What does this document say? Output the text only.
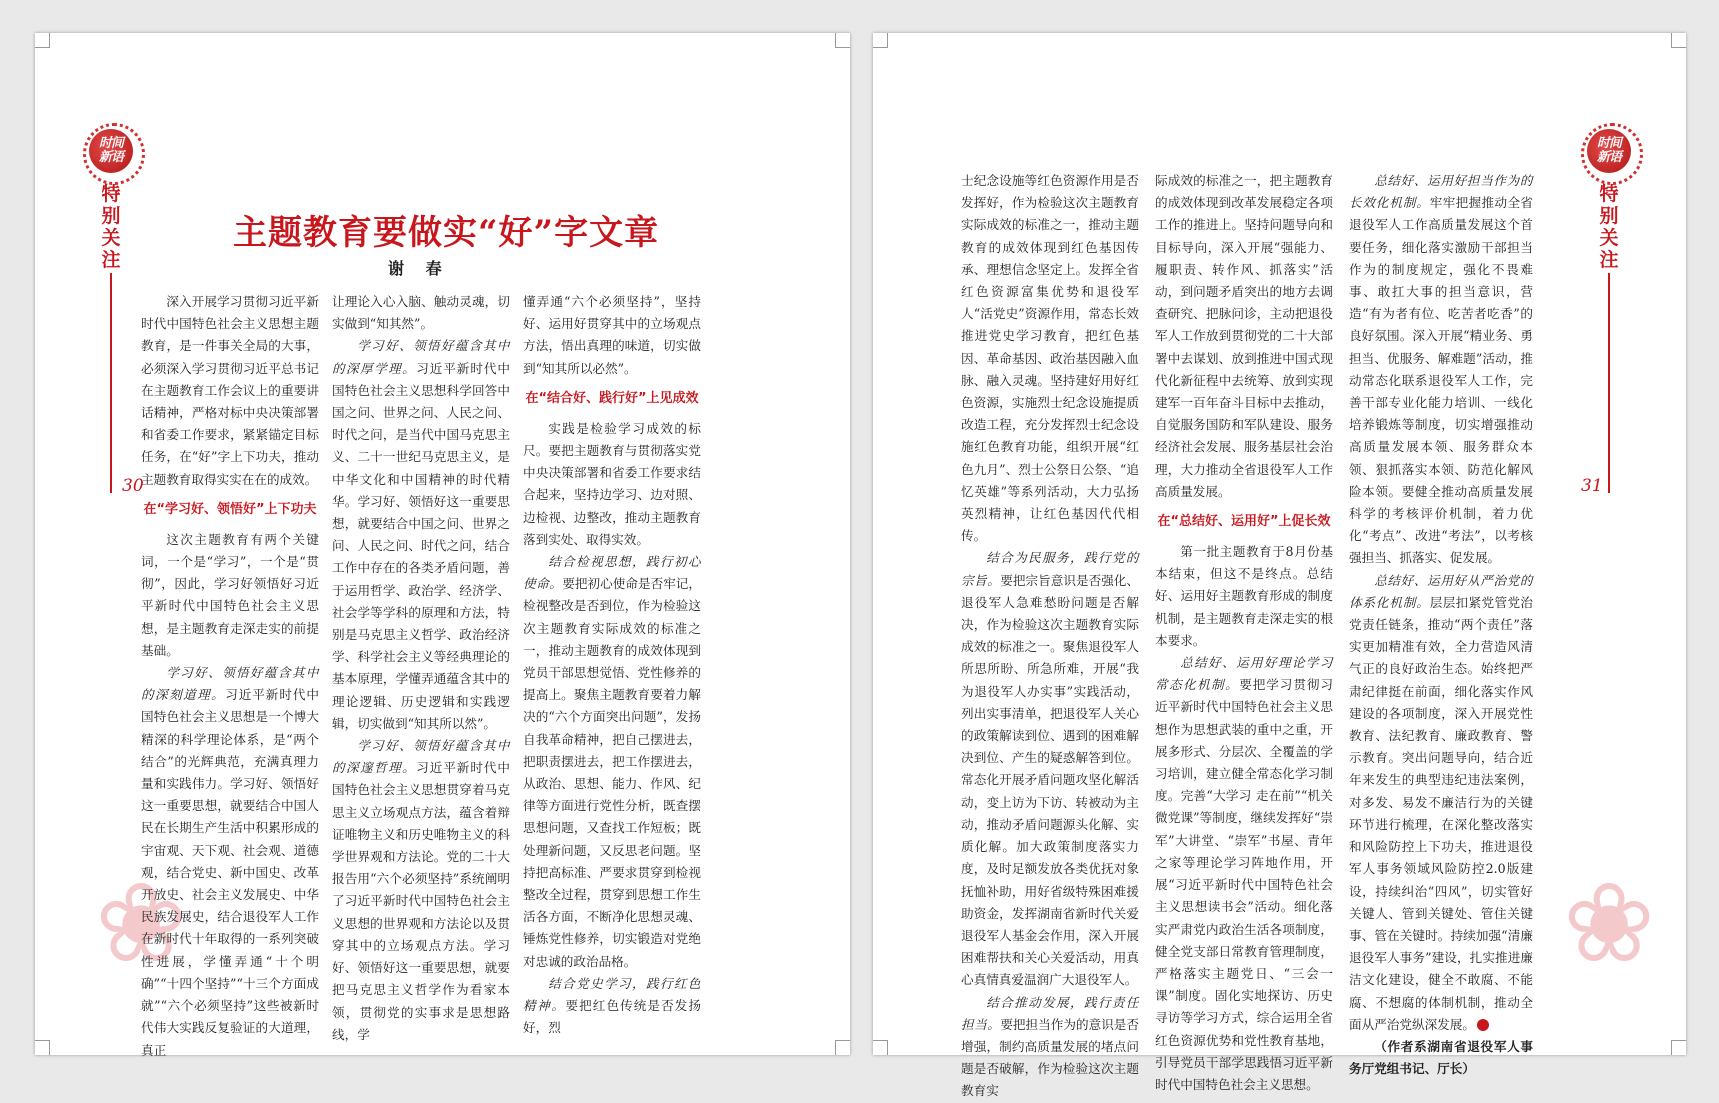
时间
新语
特别关注
30
❀
主题教育要做实“好”字文章
谢 春

深入开展学习贯彻习近平新时代中国特色社会主义思想主题教育，是一件事关全局的大事，必须深入学习贯彻习近平总书记在主题教育工作会议上的重要讲话精神，严格对标中央决策部署和省委工作要求，紧紧锚定目标任务，在“好”字上下功夫，推动主题教育取得实实在在的成效。

在“学习好、领悟好”上下功夫

这次主题教育有两个关键词，一个是“学习”，一个是“贯彻”，因此，学习好领悟好习近平新时代中国特色社会主义思想，是主题教育走深走实的前提基础。

学习好、领悟好蕴含其中的深刻道理。习近平新时代中国特色社会主义思想是一个博大精深的科学理论体系，是“两个结合”的光辉典范，充满真理力量和实践伟力。学习好、领悟好这一重要思想，就要结合中国人民在长期生产生活中积累形成的宇宙观、天下观、社会观、道德观，结合党史、新中国史、改革开放史、社会主义发展史、中华民族发展史，结合退役军人工作在新时代十年取得的一系列突破性进展，学懂弄通“十个明确”“十四个坚持”“十三个方面成就”“六个必须坚持”这些被新时代伟大实践反复验证的大道理，真正

让理论入心入脑、触动灵魂，切实做到“知其然”。

学习好、领悟好蕴含其中的深厚学理。习近平新时代中国特色社会主义思想科学回答中国之问、世界之问、人民之问、时代之问，是当代中国马克思主义、二十一世纪马克思主义，是中华文化和中国精神的时代精华。学习好、领悟好这一重要思想，就要结合中国之问、世界之问、人民之问、时代之问，结合工作中存在的各类矛盾问题，善于运用哲学、政治学、经济学、社会学等学科的原理和方法，特别是马克思主义哲学、政治经济学、科学社会主义等经典理论的基本原理，学懂弄通蕴含其中的理论逻辑、历史逻辑和实践逻辑，切实做到“知其所以然”。

学习好、领悟好蕴含其中的深邃哲理。习近平新时代中国特色社会主义思想贯穿着马克思主义立场观点方法，蕴含着辩证唯物主义和历史唯物主义的科学世界观和方法论。党的二十大报告用“六个必须坚持”系统阐明了习近平新时代中国特色社会主义思想的世界观和方法论以及贯穿其中的立场观点方法。学习好、领悟好这一重要思想，就要把马克思主义哲学作为看家本领，贯彻党的实事求是思想路线，学

懂弄通“六个必须坚持”，坚持好、运用好贯穿其中的立场观点方法，悟出真理的味道，切实做到“知其所以必然”。

在“结合好、践行好”上见成效

实践是检验学习成效的标尺。要把主题教育与贯彻落实党中央决策部署和省委工作要求结合起来，坚持边学习、边对照、边检视、边整改，推动主题教育落到实处、取得实效。

结合检视思想，践行初心使命。要把初心使命是否牢记，检视整改是否到位，作为检验这次主题教育实际成效的标准之一，推动主题教育的成效体现到党员干部思想觉悟、党性修养的提高上。聚焦主题教育要着力解决的“六个方面突出问题”，发扬自我革命精神，把自己摆进去，把职责摆进去，把工作摆进去，从政治、思想、能力、作风、纪律等方面进行党性分析，既查摆思想问题，又查找工作短板；既处理新问题，又反思老问题。坚持把高标准、严要求贯穿到检视整改全过程，贯穿到思想工作生活各方面，不断净化思想灵魂、锤炼党性修养，切实锻造对党绝对忠诚的政治品格。

结合党史学习，践行红色精神。要把红色传统是否发扬好，烈

时间
新语
特别关注
31
❀

士纪念设施等红色资源作用是否发挥好，作为检验这次主题教育实际成效的标准之一，推动主题教育的成效体现到红色基因传承、理想信念坚定上。发挥全省红色资源富集优势和退役军人“活党史”资源作用，常态长效推进党史学习教育，把红色基因、革命基因、政治基因融入血脉、融入灵魂。坚持建好用好红色资源，实施烈士纪念设施提质改造工程，充分发挥烈士纪念设施红色教育功能，组织开展“红色九月”、烈士公祭日公祭、“追忆英雄”等系列活动，大力弘扬英烈精神，让红色基因代代相传。

结合为民服务，践行党的宗旨。要把宗旨意识是否强化、退役军人急难愁盼问题是否解决，作为检验这次主题教育实际成效的标准之一。聚焦退役军人所思所盼、所急所难，开展“我为退役军人办实事”实践活动，列出实事清单，把退役军人关心的政策解读到位、遇到的困难解决到位、产生的疑惑解答到位。常态化开展矛盾问题攻坚化解活动，变上访为下访、转被动为主动，推动矛盾问题源头化解、实质化解。加大政策制度落实力度，及时足额发放各类优抚对象抚恤补助，用好省级特殊困难援助资金，发挥湖南省新时代关爱退役军人基金会作用，深入开展困难帮扶和关心关爱活动，用真心真情真爱温润广大退役军人。

结合推动发展，践行责任担当。要把担当作为的意识是否增强，制约高质量发展的堵点问题是否破解，作为检验这次主题教育实

际成效的标准之一，把主题教育的成效体现到改革发展稳定各项工作的推进上。坚持问题导向和目标导向，深入开展“强能力、履职责、转作风、抓落实”活动，到问题矛盾突出的地方去调查研究、把脉问诊，主动把退役军人工作放到贯彻党的二十大部署中去谋划、放到推进中国式现代化新征程中去统筹、放到实现建军一百年奋斗目标中去推动，自觉服务国防和军队建设、服务经济社会发展、服务基层社会治理，大力推动全省退役军人工作高质量发展。

在“总结好、运用好”上促长效

第一批主题教育于8月份基本结束，但这不是终点。总结好、运用好主题教育形成的制度机制，是主题教育走深走实的根本要求。

总结好、运用好理论学习常态化机制。要把学习贯彻习近平新时代中国特色社会主义思想作为思想武装的重中之重，开展多形式、分层次、全覆盖的学习培训，建立健全常态化学习制度。完善“大学习 走在前”“机关微党课”等制度，继续发挥好“崇军”大讲堂、“崇军”书屋、青年之家等理论学习阵地作用，开展“习近平新时代中国特色社会主义思想读书会”活动。细化落实严肃党内政治生活各项制度，健全党支部日常教育管理制度，严格落实主题党日、“三会一课”制度。固化实地探访、历史寻访等学习方式，综合运用全省红色资源优势和党性教育基地，引导党员干部学思践悟习近平新时代中国特色社会主义思想。

总结好、运用好担当作为的长效化机制。牢牢把握推动全省退役军人工作高质量发展这个首要任务，细化落实激励干部担当作为的制度规定，强化不畏难事、敢扛大事的担当意识，营造“有为者有位、吃苦者吃香”的良好氛围。深入开展“精业务、勇担当、优服务、解难题”活动，推动常态化联系退役军人工作，完善干部专业化能力培训、一线化培养锻炼等制度，切实增强推动高质量发展本领、服务群众本领、狠抓落实本领、防范化解风险本领。要健全推动高质量发展科学的考核评价机制，着力优化“考点”、改进“考法”，以考核强担当、抓落实、促发展。

总结好、运用好从严治党的体系化机制。层层扣紧党管党治党责任链条，推动“两个责任”落实更加精准有效，全力营造风清气正的良好政治生态。始终把严肃纪律挺在前面，细化落实作风建设的各项制度，深入开展党性教育、法纪教育、廉政教育、警示教育。突出问题导向，结合近年来发生的典型违纪违法案例，对多发、易发不廉洁行为的关键环节进行梳理，在深化整改落实和风险防控上下功夫，推进退役军人事务领域风险防控2.0版建设，持续纠治“四风”，切实管好关键人、管到关键处、管住关键事、管在关键时。持续加强“清廉退役军人事务”建设，扎实推进廉洁文化建设，健全不敢腐、不能腐、不想腐的体制机制，推动全面从严治党纵深发展。

（作者系湖南省退役军人事务厅党组书记、厅长）
